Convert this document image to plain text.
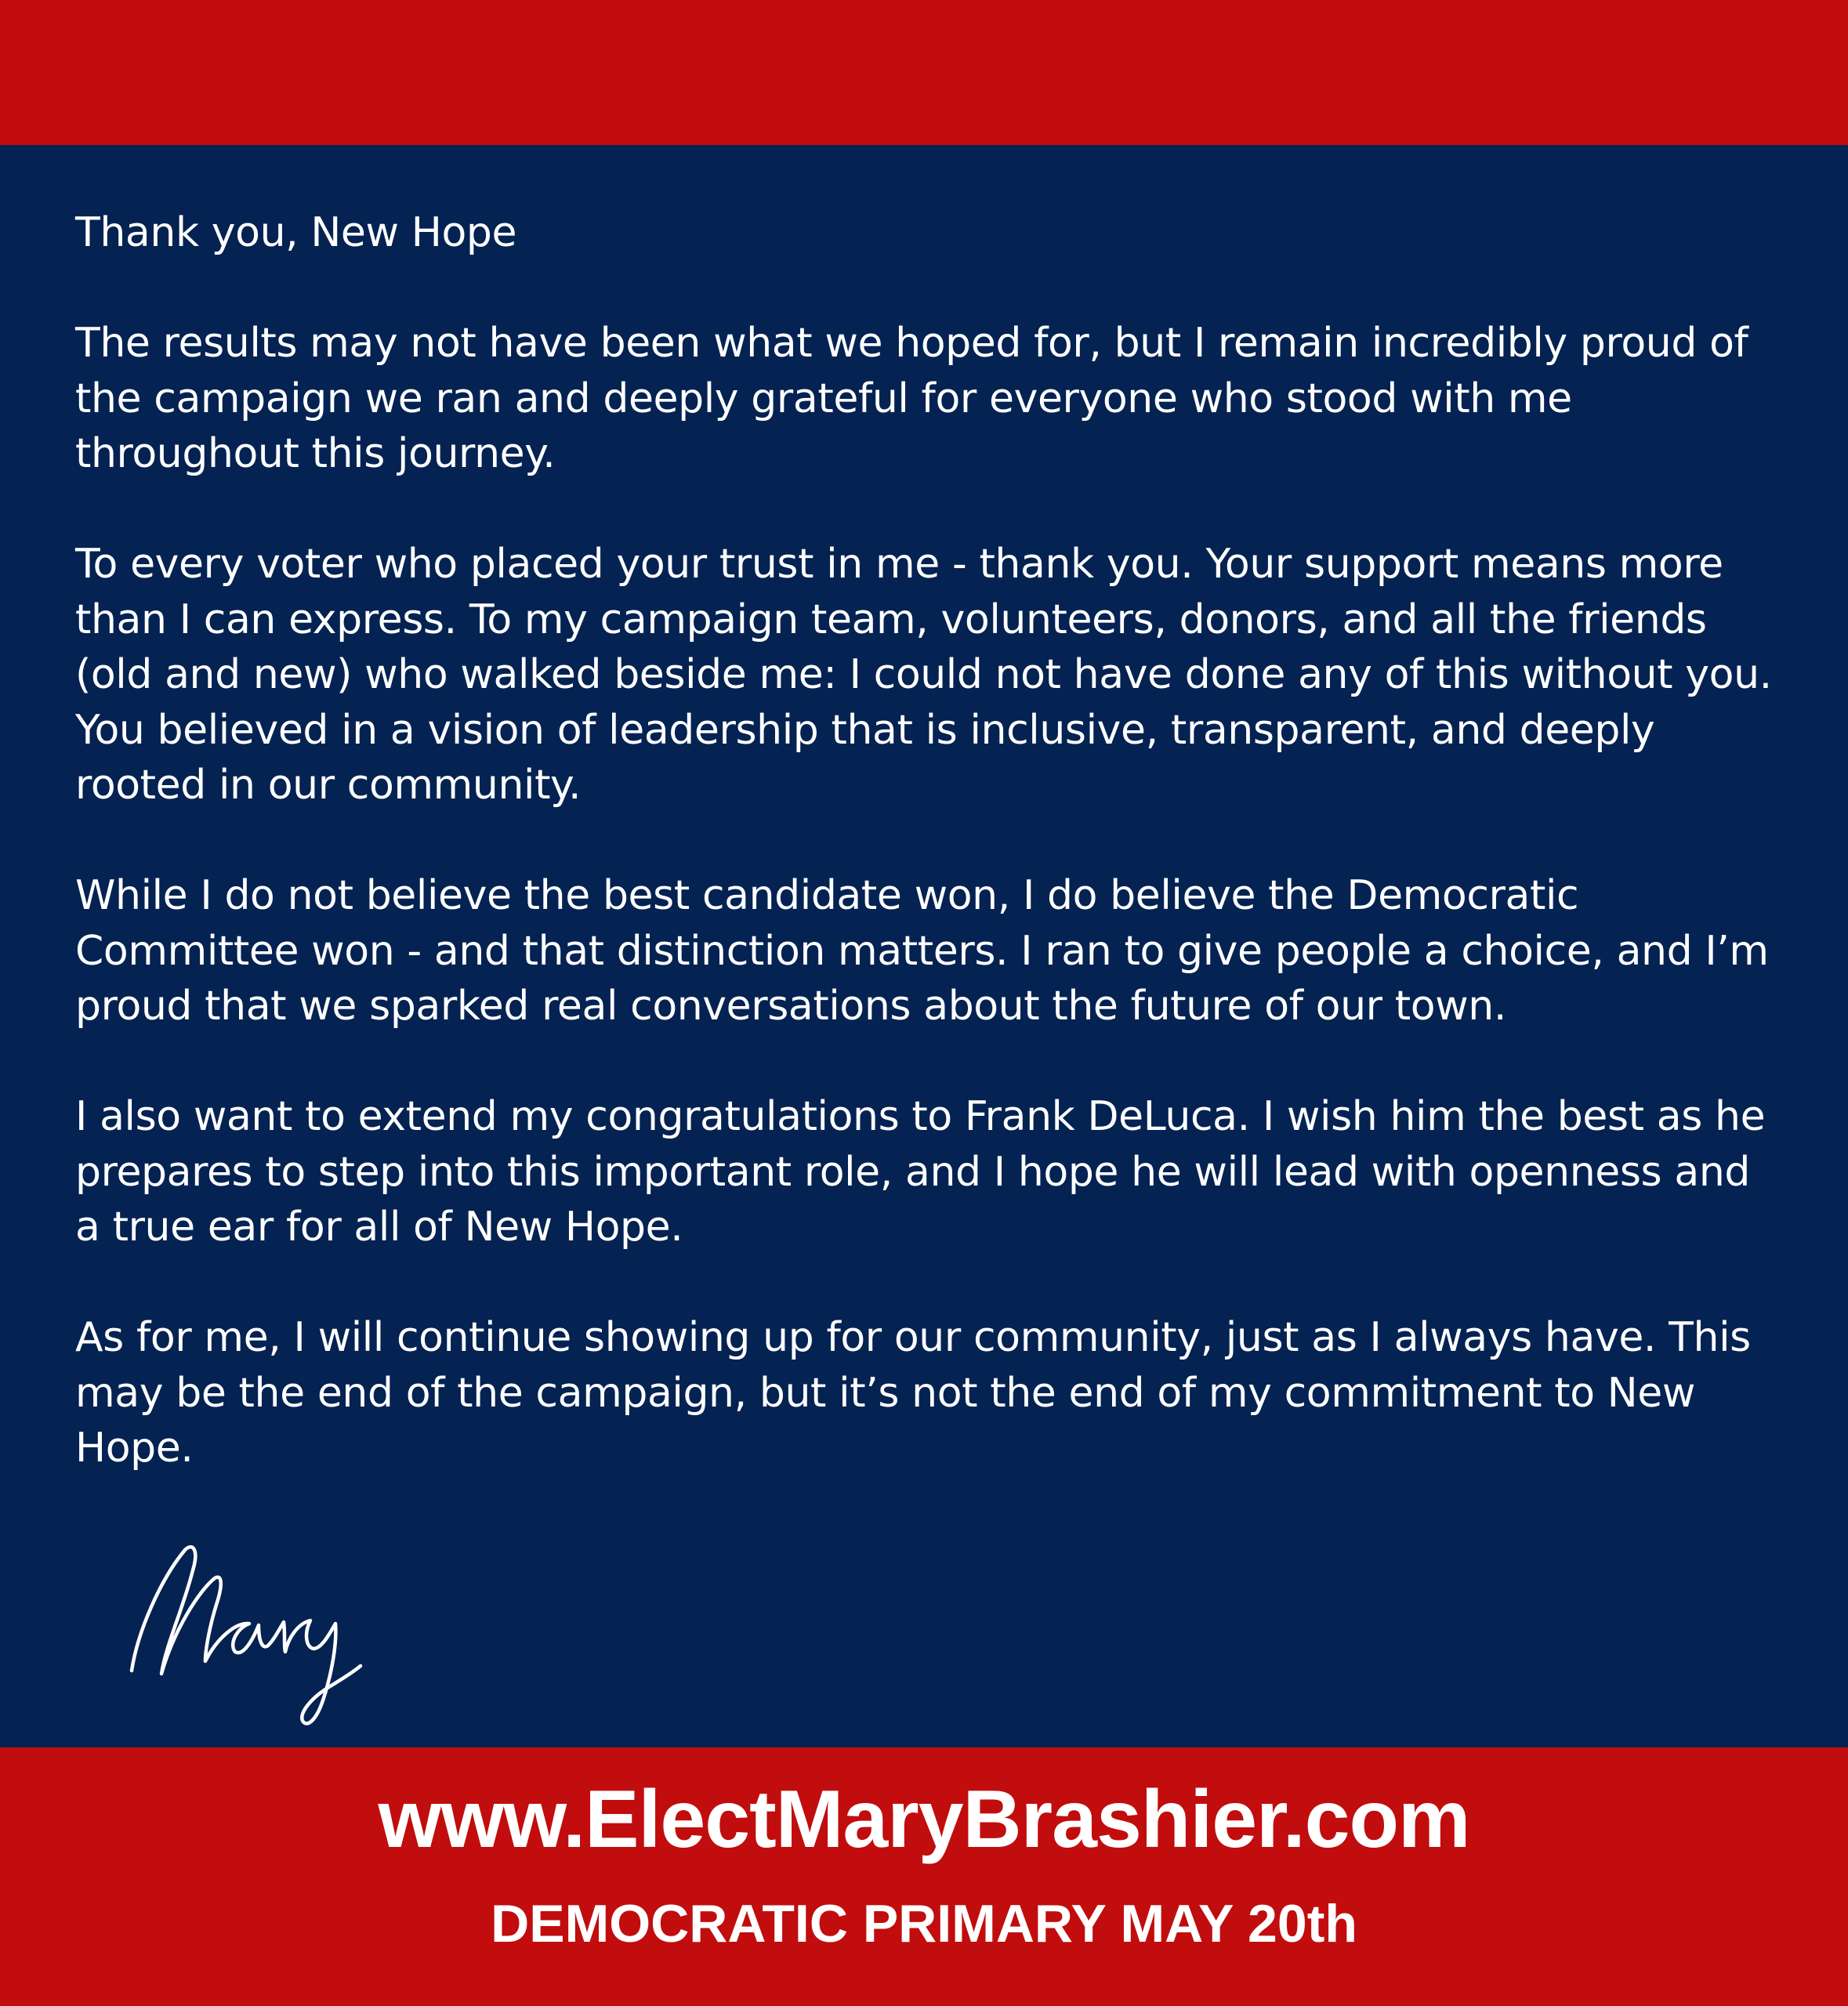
Thank you, New Hope

The results may not have been what we hoped for, but I remain incredibly proud of the campaign we ran and deeply grateful for everyone who stood with me throughout this journey.

To every voter who placed your trust in me - thank you. Your support means more than I can express. To my campaign team, volunteers, donors, and all the friends (old and new) who walked beside me: I could not have done any of this without you. You believed in a vision of leadership that is inclusive, transparent, and deeply rooted in our community.

While I do not believe the best candidate won, I do believe the Democratic Committee won - and that distinction matters. I ran to give people a choice, and I’m proud that we sparked real conversations about the future of our town.

I also want to extend my congratulations to Frank DeLuca. I wish him the best as he prepares to step into this important role, and I hope he will lead with openness and a true ear for all of New Hope.

As for me, I will continue showing up for our community, just as I always have. This may be the end of the campaign, but it’s not the end of my commitment to New Hope.

www.ElectMaryBrashier.com
DEMOCRATIC PRIMARY MAY 20th
